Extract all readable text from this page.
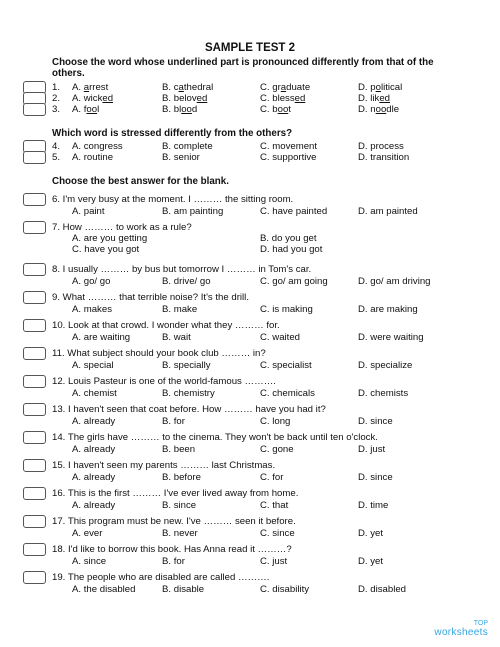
SAMPLE TEST 2
Choose the word whose underlined part is pronounced differently from that of the others.
Which word is stressed differently from the others?
Choose the best answer for the blank.
1. A. arrest	B. cathedral	C. graduate	D. political
2. A. wicked	B. beloved	C. blessed	D. liked
3. A. fool	B. blood	C. boot	D. noodle
4. A. congress	B. complete	C. movement	D. process
5. A. routine	B. senior	C. supportive	D. transition
6. I'm very busy at the moment. I ……… the sitting room.
A. paint	B. am painting	C. have painted	D. am painted
7. How ……… to work as a rule?
A. are you getting	B. do you get
C. have you got	D. had you got
8. I usually ……… by bus but tomorrow I ……… in Tom's car.
A. go/ go	B. drive/ go	C. go/ am going	D. go/ am driving
9. What ……… that terrible noise? It's the drill.
A. makes	B. make	C. is making	D. are making
10. Look at that crowd. I wonder what they ……… for.
A. are waiting	B. wait	C. waited	D. were waiting
11. What subject should your book club ……… in?
A. special	B. specially	C. specialist	D. specialize
12. Louis Pasteur is one of the world-famous ……….
A. chemist	B. chemistry	C. chemicals	D. chemists
13. I haven't seen that coat before. How ……… have you had it?
A. already	B. for	C. long	D. since
14. The girls have ……… to the cinema. They won't be back until ten o'clock.
A. already	B. been	C. gone	D. just
15. I haven't seen my parents ……… last Christmas.
A. already	B. before	C. for	D. since
16. This is the first ……… I've ever lived away from home.
A. already	B. since	C. that	D. time
17. This program must be new. I've ……… seen it before.
A. ever	B. never	C. since	D. yet
18. I'd like to borrow this book. Has Anna read it ………?
A. since	B. for	C. just	D. yet
19. The people who are disabled are called ……….
A. the disabled	B. disable	C. disability	D. disabled
TOP
worksheets
